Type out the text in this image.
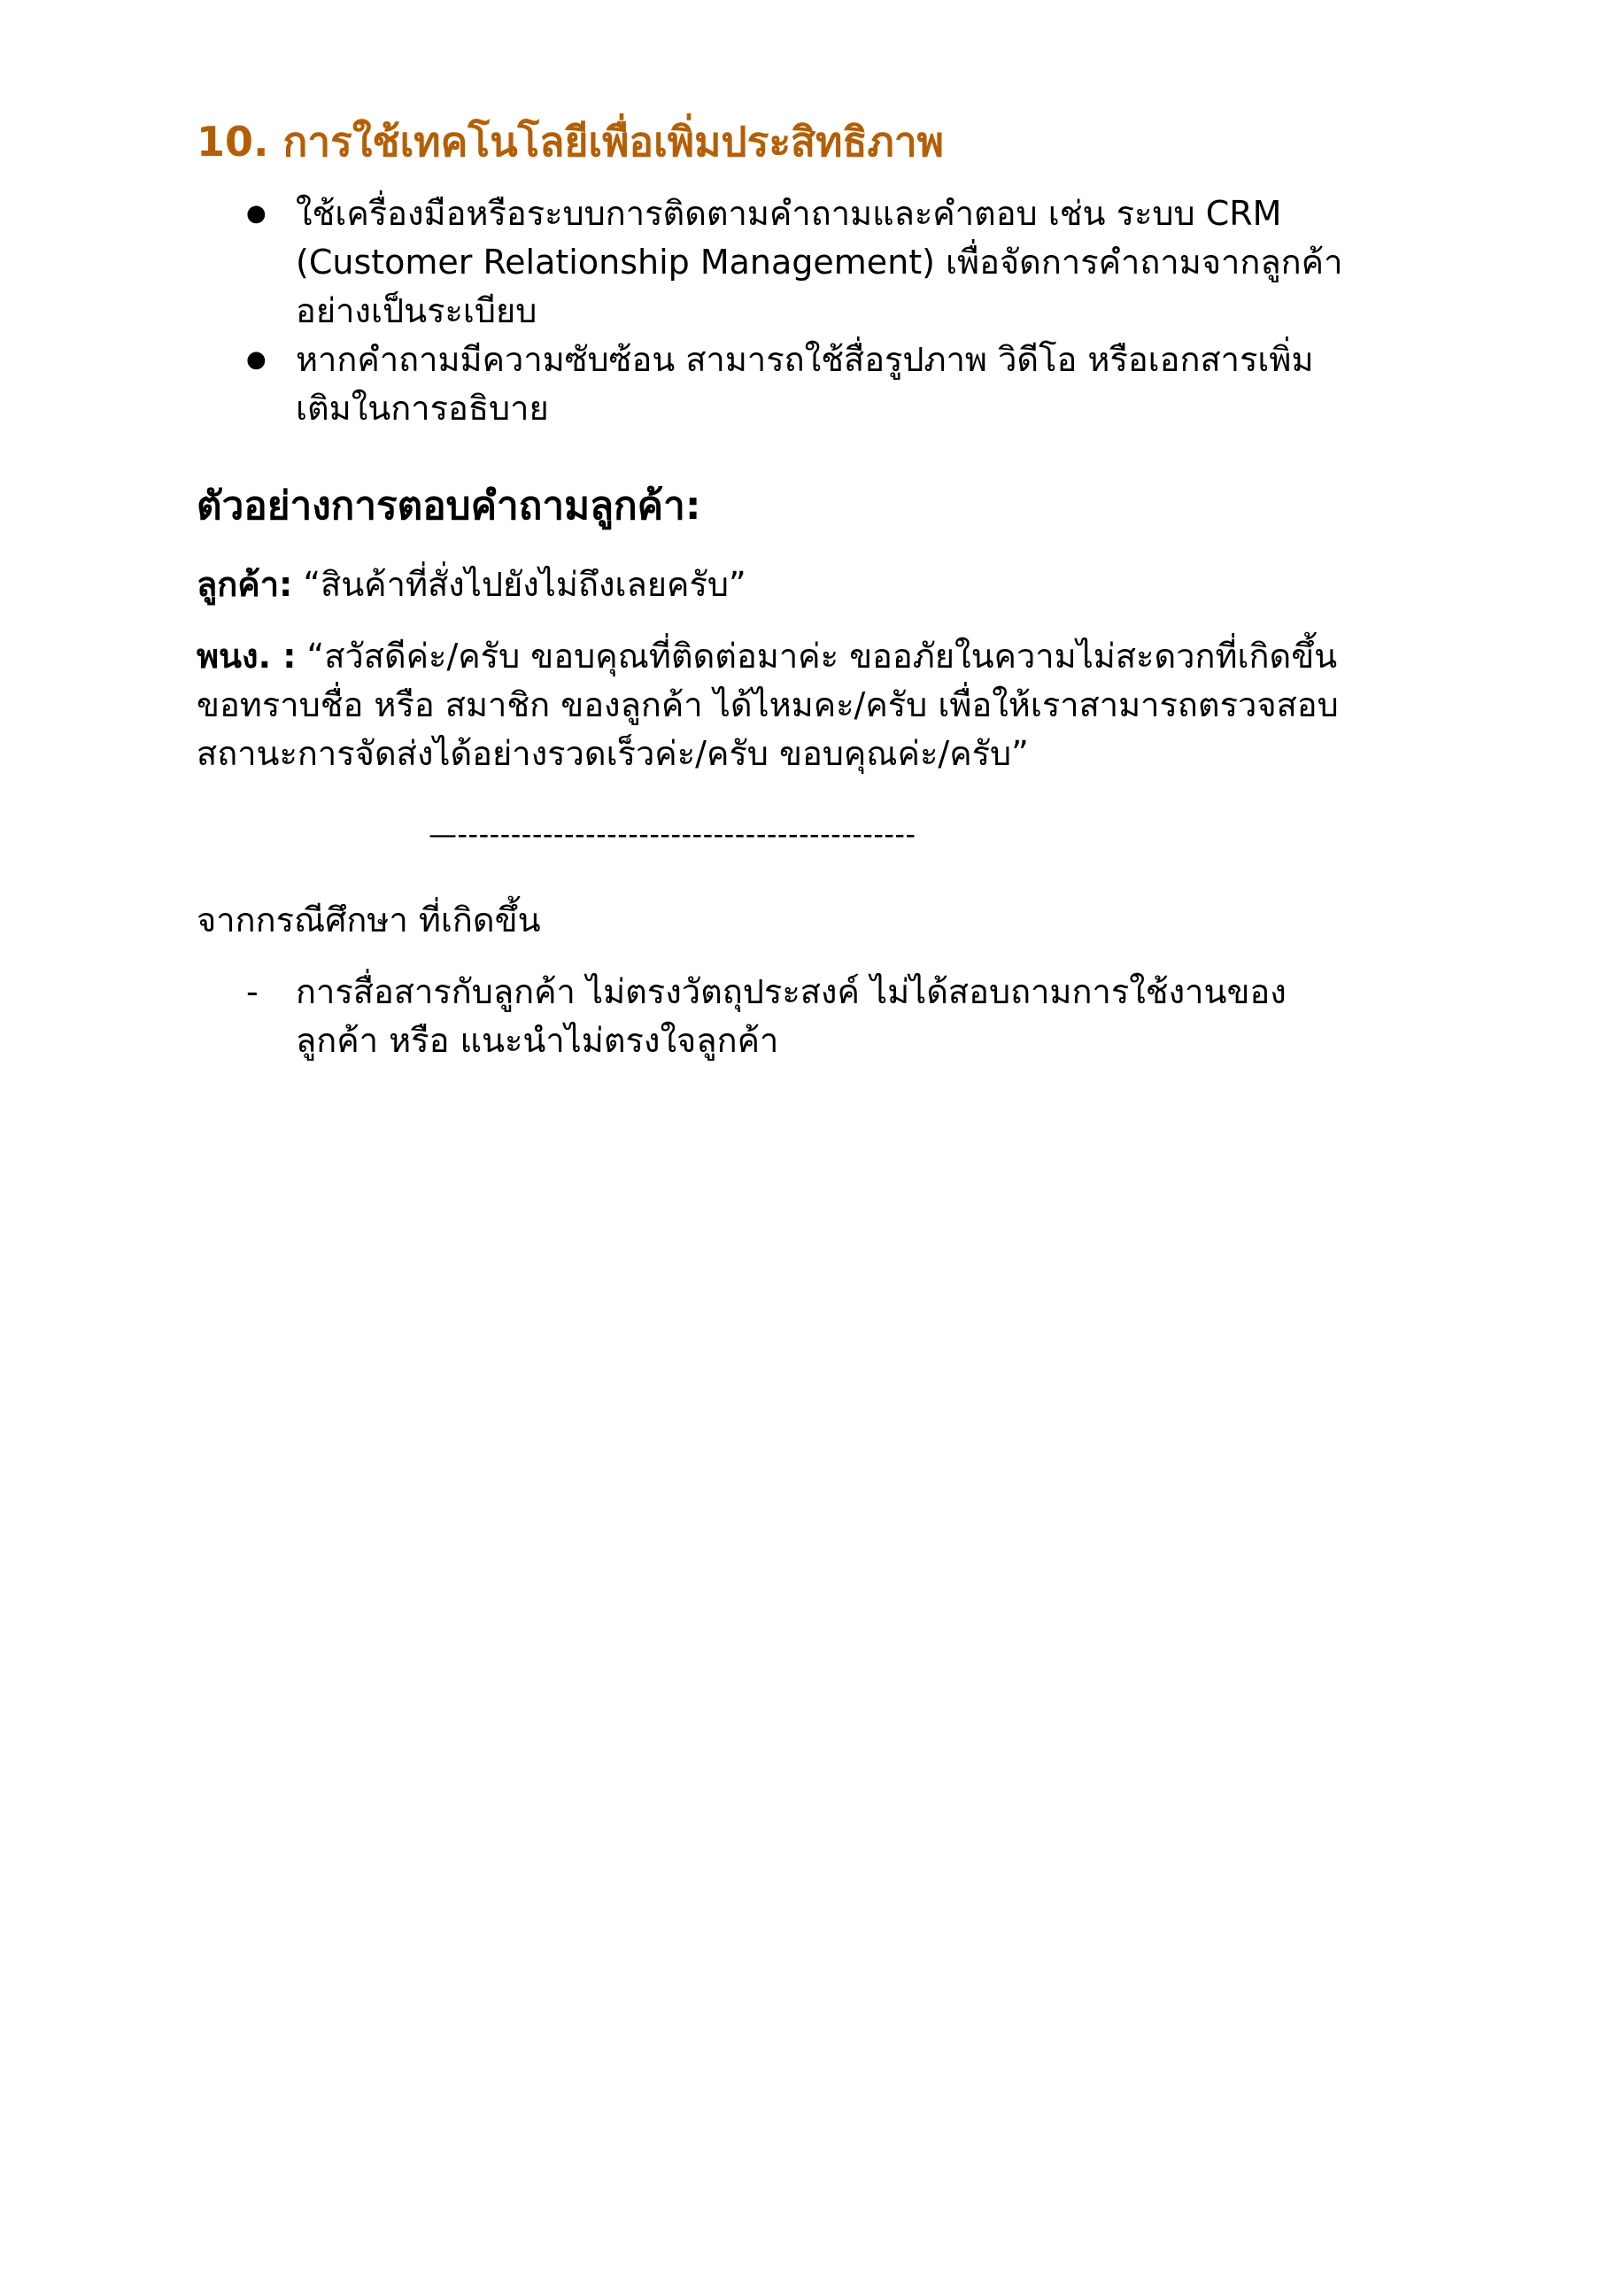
10. การใช้เทคโนโลยีเพื่อเพิ่มประสิทธิภาพ
● ใช้เครื่องมือหรือระบบการติดตามคำถามและคำตอบ เช่น ระบบ CRM
(Customer Relationship Management) เพื่อจัดการคำถามจากลูกค้า
อย่างเป็นระเบียบ
● หากคำถามมีความซับซ้อน สามารถใช้สื่อรูปภาพ วิดีโอ หรือเอกสารเพิ่ม
เติมในการอธิบาย
ตัวอย่างการตอบคำถามลูกค้า:

ลูกค้า: “สินค้าที่สั่งไปยังไม่ถึงเลยครับ”

พนง. : “สวัสดีค่ะ/ครับ ขอบคุณที่ติดต่อมาค่ะ ขออภัยในความไม่สะดวกที่เกิดขึ้น
ขอทราบชื่อ หรือ สมาชิก ของลูกค้า ได้ไหมคะ/ครับ เพื่อให้เราสามารถตรวจสอบ
สถานะการจัดส่งได้อย่างรวดเร็วค่ะ/ครับ ขอบคุณค่ะ/ครับ”
—-------------------------------------------

จากกรณีศึกษา ที่เกิดขึ้น

- การสื่อสารกับลูกค้า ไม่ตรงวัตถุประสงค์ ไม่ได้สอบถามการใช้งานของ
ลูกค้า หรือ แนะนำไม่ตรงใจลูกค้า
